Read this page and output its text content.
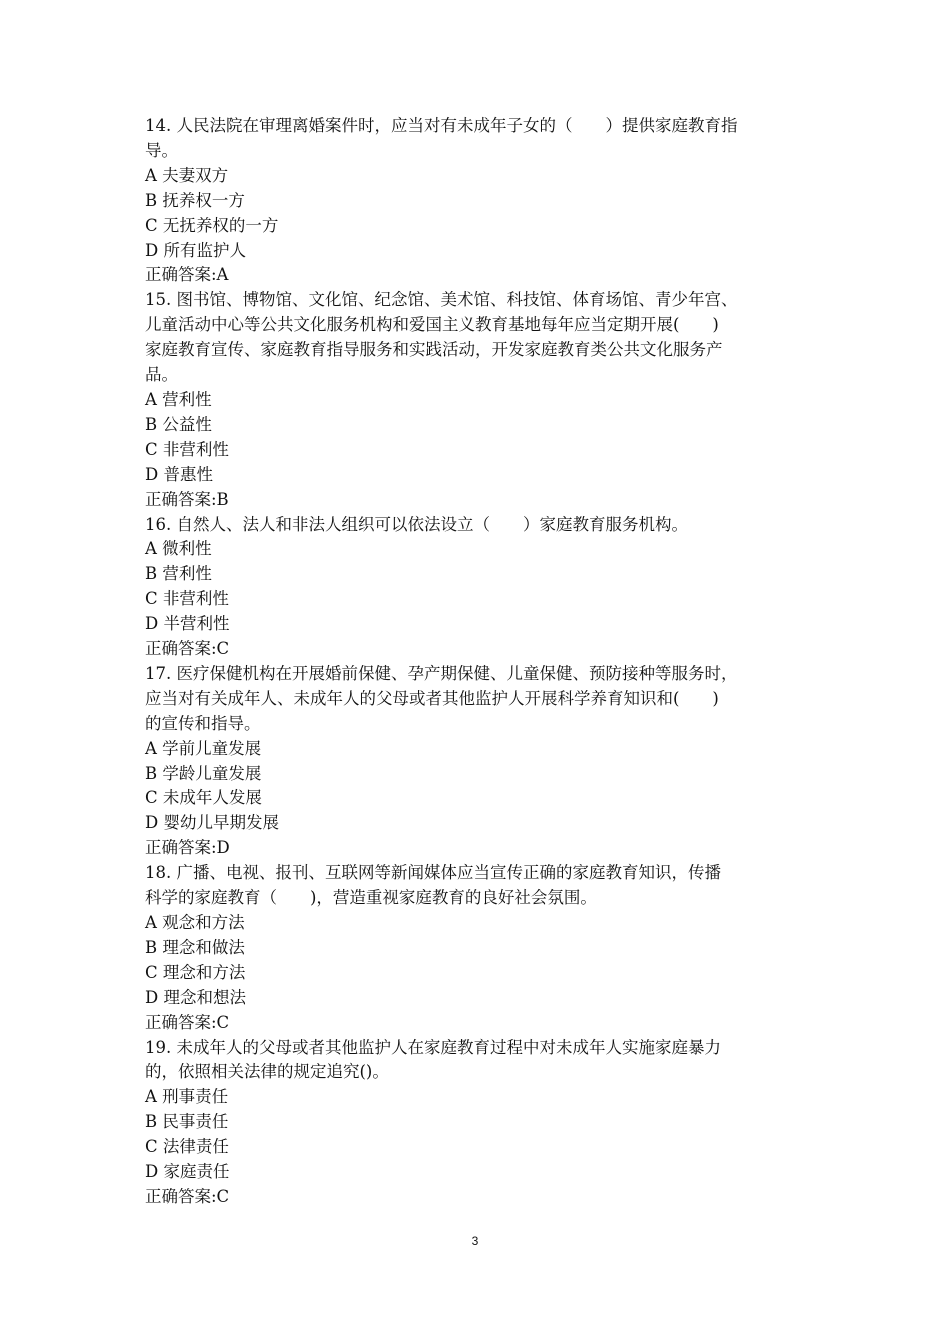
14. 人民法院在审理离婚案件时，应当对有未成年子女的（　　）提供家庭教育指
导。
A 夫妻双方
B 抚养权一方
C 无抚养权的一方
D 所有监护人
正确答案:A
15. 图书馆、博物馆、文化馆、纪念馆、美术馆、科技馆、体育场馆、青少年宫、
儿童活动中心等公共文化服务机构和爱国主义教育基地每年应当定期开展(　　)
家庭教育宣传、家庭教育指导服务和实践活动，开发家庭教育类公共文化服务产
品。
A 营利性
B 公益性
C 非营利性
D 普惠性
正确答案:B
16. 自然人、法人和非法人组织可以依法设立（　　）家庭教育服务机构。
A 微利性
B 营利性
C 非营利性
D 半营利性
正确答案:C
17. 医疗保健机构在开展婚前保健、孕产期保健、儿童保健、预防接种等服务时，
应当对有关成年人、未成年人的父母或者其他监护人开展科学养育知识和(　　)
的宣传和指导。
A 学前儿童发展
B 学龄儿童发展
C 未成年人发展
D 婴幼儿早期发展
正确答案:D
18. 广播、电视、报刊、互联网等新闻媒体应当宣传正确的家庭教育知识，传播
科学的家庭教育（　　)，营造重视家庭教育的良好社会氛围。
A 观念和方法
B 理念和做法
C 理念和方法
D 理念和想法
正确答案:C
19. 未成年人的父母或者其他监护人在家庭教育过程中对未成年人实施家庭暴力
的，依照相关法律的规定追究()。
A 刑事责任
B 民事责任
C 法律责任
D 家庭责任
正确答案:C
3
